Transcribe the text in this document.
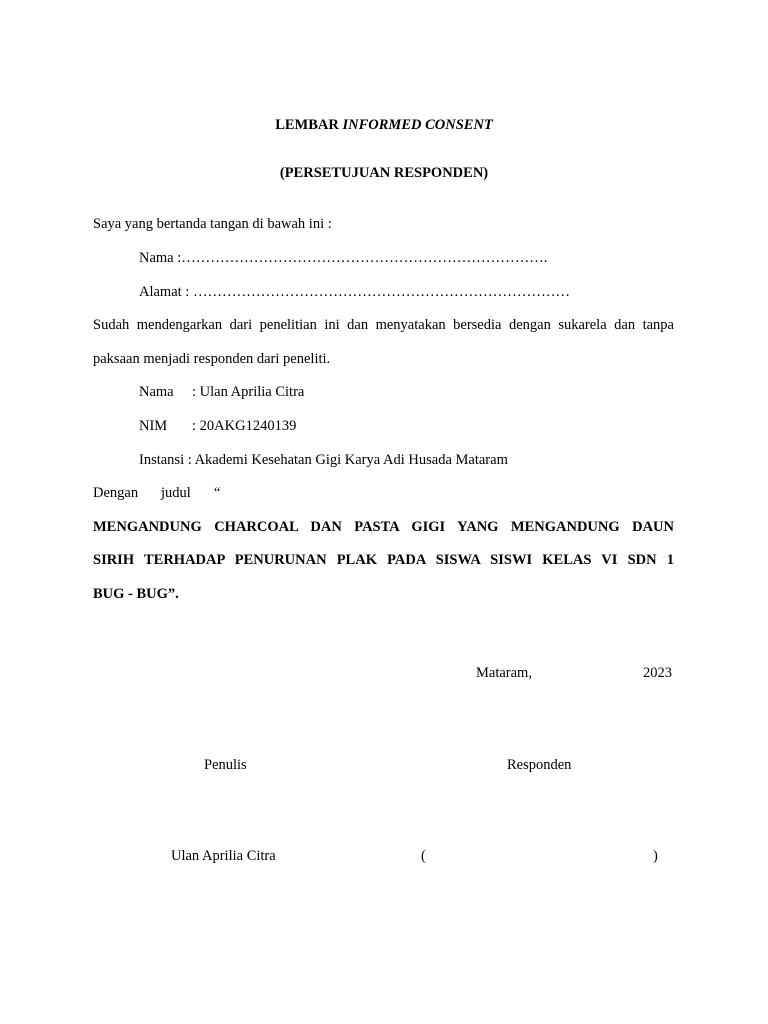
LEMBAR INFORMED CONSENT
(PERSETUJUAN RESPONDEN)
Saya yang bertanda tangan di bawah ini :
Nama :………………………………………………………………….
Alamat : ……………………………………………………………………
Sudah mendengarkan dari penelitian ini dan menyatakan bersedia dengan sukarela dan tanpa
paksaan menjadi responden dari peneliti.
Nama : Ulan Aprilia Citra
NIM : 20AKG1240139
Instansi : Akademi Kesehatan Gigi Karya Adi Husada Mataram
Dengan judul “
MENGANDUNG CHARCOAL DAN PASTA GIGI YANG MENGANDUNG DAUN
SIRIH TERHADAP PENURUNAN PLAK PADA SISWA SISWI KELAS VI SDN 1
BUG - BUG”.
Mataram,	2023
Penulis	Responden
Ulan Aprilia Citra	(	)
